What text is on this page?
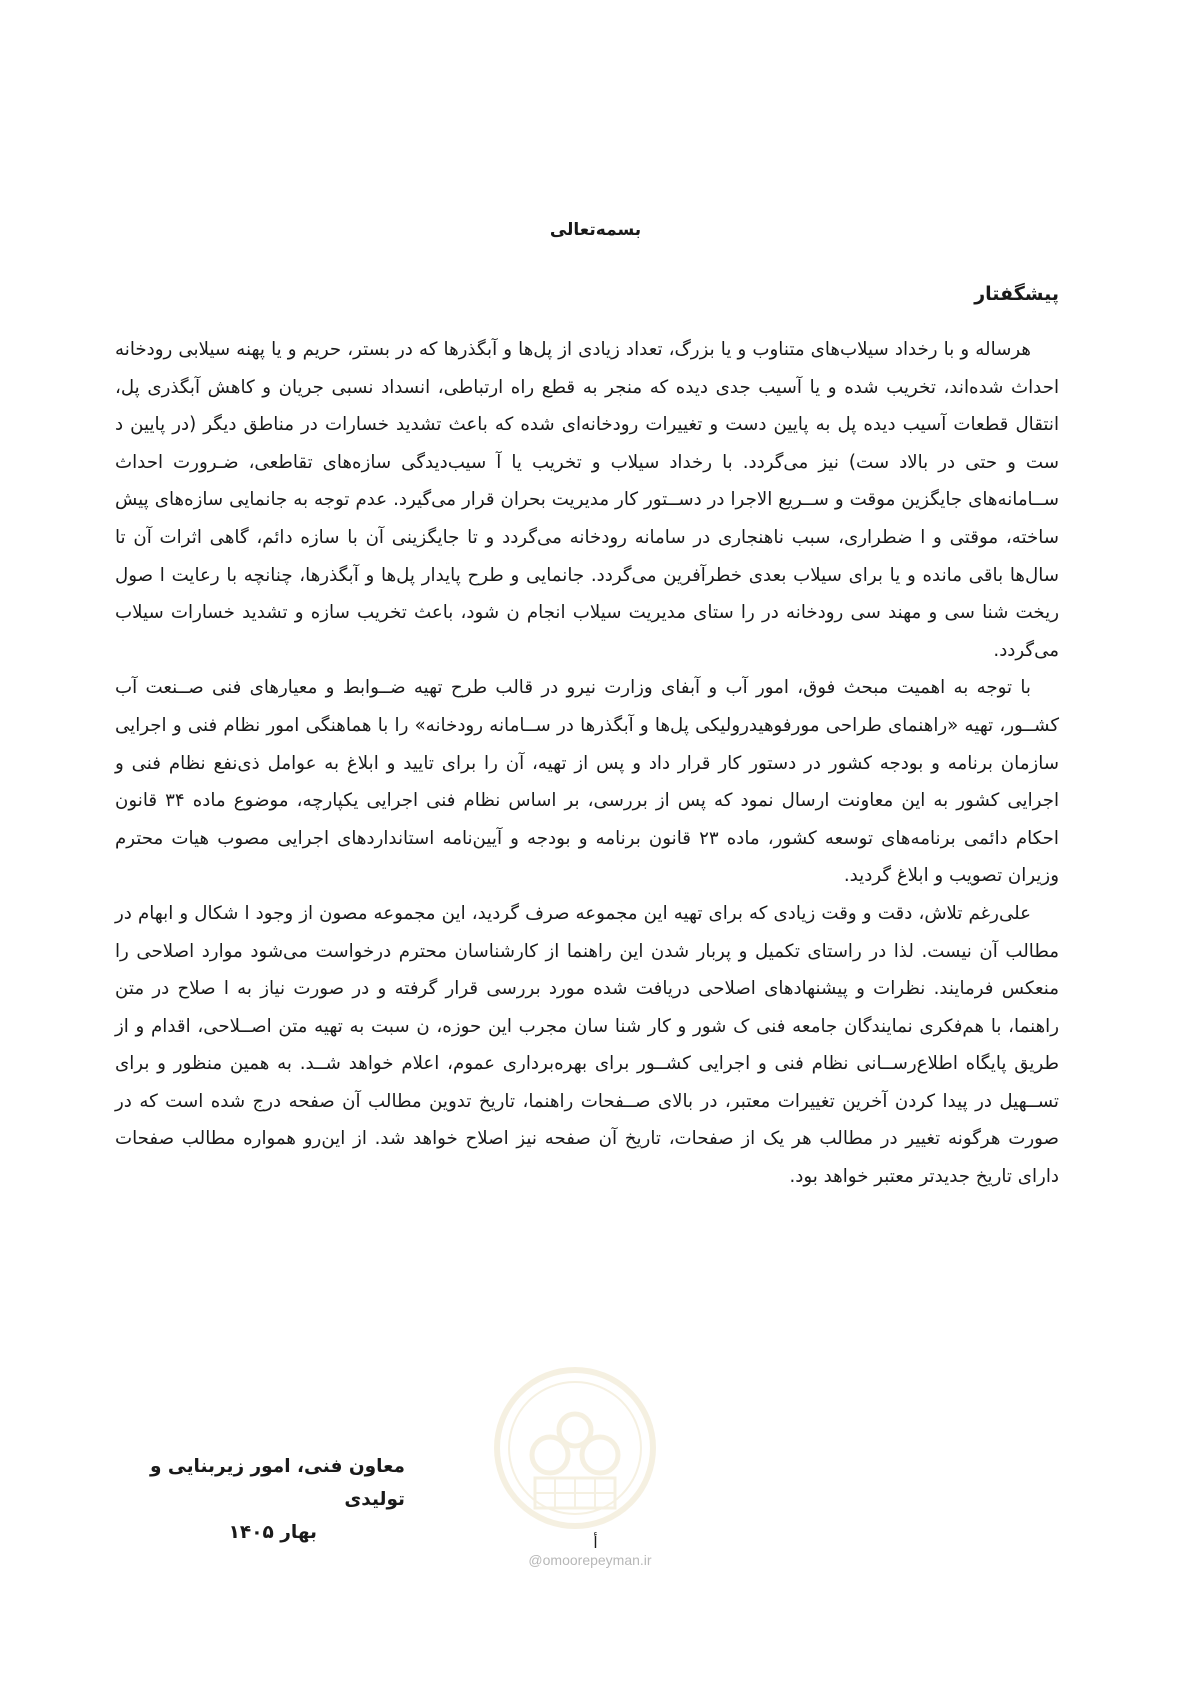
بسمه‌تعالی
پیشگفتار

هرساله و با رخداد سیلاب‌های متناوب و یا بزرگ، تعداد زیادی از پل‌ها و آبگذرها که در بستر، حریم و یا پهنه سیلابی رودخانه احداث شده‌اند، تخریب شده و یا آسیب جدی دیده که منجر به قطع راه ارتباطی، انسداد نسبی جریان و کاهش آبگذری پل، انتقال قطعات آسیب دیده پل به پایین دست و تغییرات رودخانه‌ای شده که باعث تشدید خسارات در مناطق دیگر (در پایین د ست و حتی در بالاد ست) نیز می‌گردد. با رخداد سیلاب و تخریب یا آ سیب‌دیدگی سازه‌های تقاطعی، ضـرورت احداث ســامانه‌های جایگزین موقت و ســریع الاجرا در دســتور کار مدیریت بحران قرار می‌گیرد. عدم توجه به جانمایی سازه‌های پیش ساخته، موقتی و ا ضطراری، سبب ناهنجاری در سامانه رودخانه می‌گردد و تا جایگزینی آن با سازه دائم، گاهی اثرات آن تا سال‌ها باقی مانده و یا برای سیلاب بعدی خطرآفرین می‌گردد. جانمایی و طرح پایدار پل‌ها و آبگذرها، چنانچه با رعایت ا صول ریخت شنا سی و مهند سی رودخانه در را ستای مدیریت سیلاب انجام ن شود، باعث تخریب سازه و تشدید خسارات سیلاب می‌گردد.

با توجه به اهمیت مبحث فوق، امور آب و آبفای وزارت نیرو در قالب طرح تهیه ضــوابط و معیارهای فنی صــنعت آب کشــور، تهیه «راهنمای طراحی مورفوهیدرولیکی پل‌ها و آبگذرها در ســامانه رودخانه» را با هماهنگی امور نظام فنی و اجرایی سازمان برنامه و بودجه کشور در دستور کار قرار داد و پس از تهیه، آن را برای تایید و ابلاغ به عوامل ذی‌نفع نظام فنی و اجرایی کشور به این معاونت ارسال نمود که پس از بررسی، بر اساس نظام فنی اجرایی یکپارچه، موضوع ماده ۳۴ قانون احکام دائمی برنامه‌های توسعه کشور، ماده ۲۳ قانون برنامه و بودجه و آیین‌نامه استانداردهای اجرایی مصوب هیات محترم وزیران تصویب و ابلاغ گردید.

علی‌رغم تلاش، دقت و وقت زیادی که برای تهیه این مجموعه صرف گردید، این مجموعه مصون از وجود ا شکال و ابهام در مطالب آن نیست. لذا در راستای تکمیل و پربار شدن این راهنما از کارشناسان محترم درخواست می‌شود موارد اصلاحی را منعکس فرمایند. نظرات و پیشنهادهای اصلاحی دریافت شده مورد بررسی قرار گرفته و در صورت نیاز به ا صلاح در متن راهنما، با هم‌فکری نمایندگان جامعه فنی ک شور و کار شنا سان مجرب این حوزه، ن سبت به تهیه متن اصــلاحی، اقدام و از طریق پایگاه اطلاع‌رســانی نظام فنی و اجرایی کشــور برای بهره‌برداری عموم، اعلام خواهد شــد. به همین منظور و برای تســهیل در پیدا کردن آخرین تغییرات معتبر، در بالای صــفحات راهنما، تاریخ تدوین مطالب آن صفحه درج شده است که در صورت هرگونه تغییر در مطالب هر یک از صفحات، تاریخ آن صفحه نیز اصلاح خواهد شد. از این‌رو همواره مطالب صفحات دارای تاریخ جدیدتر معتبر خواهد بود.

@omoorepeyman.ir
معاون فنی، امور زیربنایی و تولیدی
بهار ۱۴۰۵	أ
